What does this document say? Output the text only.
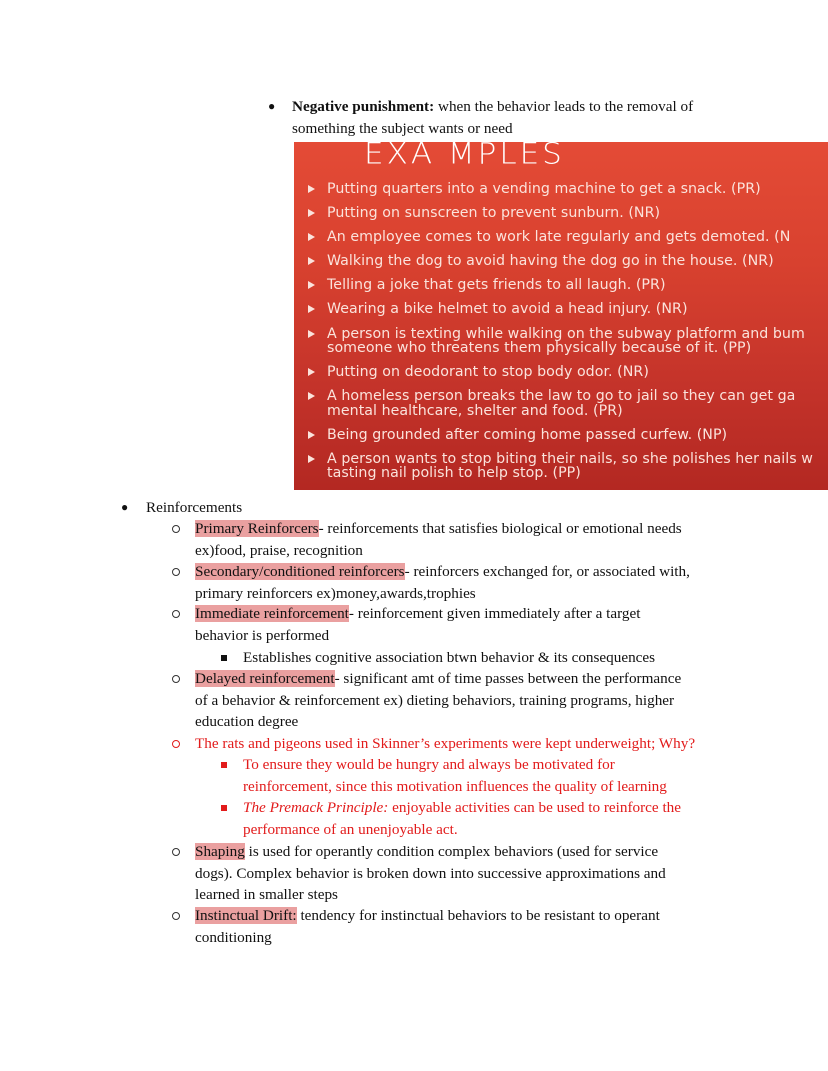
● Negative punishment: when the behavior leads to the removal of
something the subject wants or need
EXA MPLES
Putting quarters into a vending machine to get a snack. (PR)
Putting on sunscreen to prevent sunburn. (NR)
An employee comes to work late regularly and gets demoted. (N
Walking the dog to avoid having the dog go in the house. (NR)
Telling a joke that gets friends to all laugh. (PR)
Wearing a bike helmet to avoid a head injury. (NR)
A person is texting while walking on the subway platform and bum
someone who threatens them physically because of it. (PP)
Putting on deodorant to stop body odor. (NR)
A homeless person breaks the law to go to jail so they can get ga
mental healthcare, shelter and food. (PR)
Being grounded after coming home passed curfew. (NP)
A person wants to stop biting their nails, so she polishes her nails w
tasting nail polish to help stop. (PP)
● Reinforcements
Primary Reinforcers- reinforcements that satisfies biological or emotional needs
ex)food, praise, recognition
Secondary/conditioned reinforcers- reinforcers exchanged for, or associated with,
primary reinforcers ex)money,awards,trophies
Immediate reinforcement- reinforcement given immediately after a target
behavior is performed
Establishes cognitive association btwn behavior & its consequences
Delayed reinforcement- significant amt of time passes between the performance
of a behavior & reinforcement ex) dieting behaviors, training programs, higher
education degree
The rats and pigeons used in Skinner’s experiments were kept underweight; Why?
To ensure they would be hungry and always be motivated for
reinforcement, since this motivation influences the quality of learning
The Premack Principle: enjoyable activities can be used to reinforce the
performance of an unenjoyable act.
Shaping is used for operantly condition complex behaviors (used for service
dogs). Complex behavior is broken down into successive approximations and
learned in smaller steps
Instinctual Drift: tendency for instinctual behaviors to be resistant to operant
conditioning
